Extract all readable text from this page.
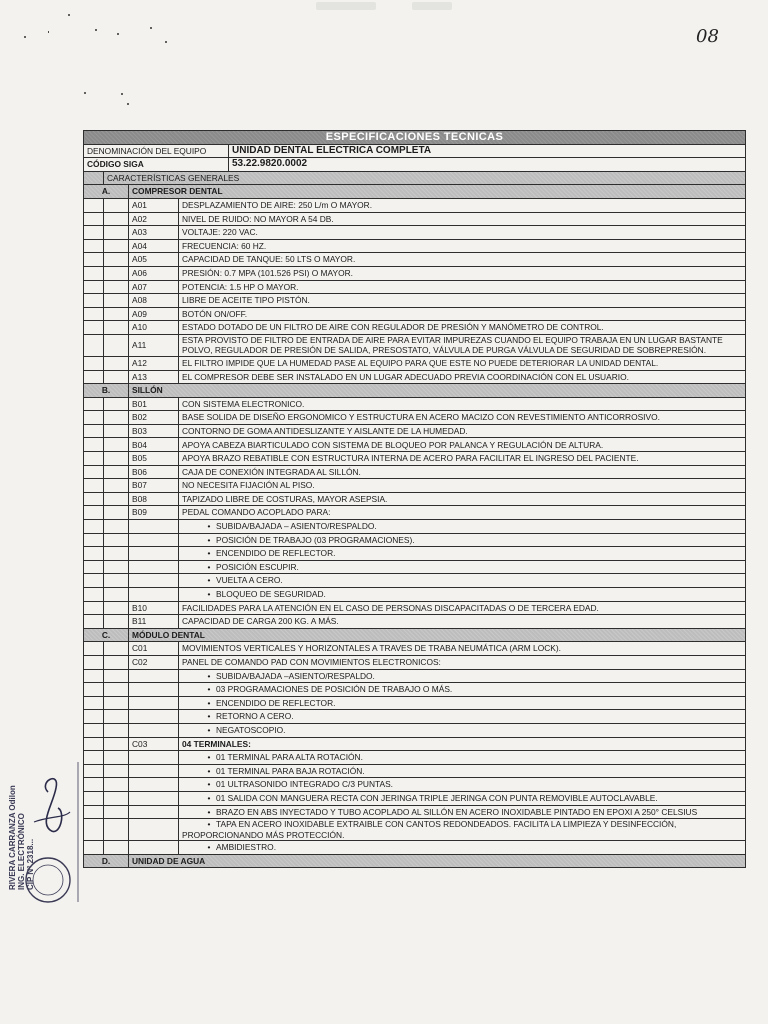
08
ESPECIFICACIONES TECNICAS				
DENOMINACIÓN DEL EQUIPO				UNIDAD DENTAL ELECTRICA COMPLETA
CÓDIGO SIGA				53.22.9820.0002
	CARACTERÍSTICAS GENERALES			
A.		COMPRESOR DENTAL		
		A01	DESPLAZAMIENTO DE AIRE: 250 L/m O MAYOR.	
		A02	NIVEL DE RUIDO: NO MAYOR A 54 DB.	
		A03	VOLTAJE: 220 VAC.	
		A04	FRECUENCIA: 60 HZ.	
		A05	CAPACIDAD DE TANQUE: 50 LTS O MAYOR.	
		A06	PRESIÓN: 0.7 MPA (101.526 PSI) O MAYOR.	
		A07	POTENCIA: 1.5 HP O MAYOR.	
		A08	LIBRE DE ACEITE TIPO PISTÓN.	
		A09	BOTÓN ON/OFF.	
		A10	ESTADO DOTADO DE UN FILTRO DE AIRE CON REGULADOR DE PRESIÓN Y MANÓMETRO DE CONTROL.	
		A11	ESTA PROVISTO DE FILTRO DE ENTRADA DE AIRE PARA EVITAR IMPUREZAS CUANDO EL EQUIPO TRABAJA EN UN LUGAR BASTANTE POLVO, REGULADOR DE PRESIÓN DE SALIDA, PRESOSTATO, VÁLVULA DE PURGA VÁLVULA DE SEGURIDAD DE SOBREPRESIÓN.	
		A12	EL FILTRO IMPIDE QUE LA HUMEDAD PASE AL EQUIPO PARA QUE ESTE NO PUEDE DETERIORAR LA UNIDAD DENTAL.	
		A13	EL COMPRESOR DEBE SER INSTALADO EN UN LUGAR ADECUADO PREVIA COORDINACIÓN CON EL USUARIO.	
B.		SILLÓN		
		B01	CON SISTEMA ELECTRONICO.	
		B02	BASE SOLIDA DE DISEÑO ERGONOMICO Y ESTRUCTURA EN ACERO MACIZO CON REVESTIMIENTO ANTICORROSIVO.	
		B03	CONTORNO DE GOMA ANTIDESLIZANTE Y AISLANTE DE LA HUMEDAD.	
		B04	APOYA CABEZA BIARTICULADO CON SISTEMA DE BLOQUEO POR PALANCA Y REGULACIÓN DE ALTURA.	
		B05	APOYA BRAZO REBATIBLE CON ESTRUCTURA INTERNA DE ACERO PARA FACILITAR EL INGRESO DEL PACIENTE.	
		B06	CAJA DE CONEXIÓN INTEGRADA AL SILLÓN.	
		B07	NO NECESITA FIJACIÓN AL PISO.	
		B08	TAPIZADO LIBRE DE COSTURAS, MAYOR ASEPSIA.	
		B09	PEDAL COMANDO ACOPLADO PARA:	
			• SUBIDA/BAJADA – ASIENTO/RESPALDO.	
			• POSICIÓN DE TRABAJO (03 PROGRAMACIONES).	
			• ENCENDIDO DE REFLECTOR.	
			• POSICIÓN ESCUPIR.	
			• VUELTA A CERO.	
			• BLOQUEO DE SEGURIDAD.	
		B10	FACILIDADES PARA LA ATENCIÓN EN EL CASO DE PERSONAS DISCAPACITADAS O DE TERCERA EDAD.	
		B11	CAPACIDAD DE CARGA 200 KG. A MÁS.	
C.		MÓDULO DENTAL		
		C01	MOVIMIENTOS VERTICALES Y HORIZONTALES A TRAVES DE TRABA NEUMÁTICA (ARM LOCK).	
		C02	PANEL DE COMANDO PAD CON MOVIMIENTOS ELECTRONICOS:	
			• SUBIDA/BAJADA –ASIENTO/RESPALDO.	
			• 03 PROGRAMACIONES DE POSICIÓN DE TRABAJO O MÁS.	
			• ENCENDIDO DE REFLECTOR.	
			• RETORNO A CERO.	
			• NEGATOSCOPIO.	
		C03	04 TERMINALES:	
			• 01 TERMINAL PARA ALTA ROTACIÓN.	
			• 01 TERMINAL PARA BAJA ROTACIÓN.	
			• 01 ULTRASONIDO INTEGRADO C/3 PUNTAS.	
			• 01 SALIDA CON MANGUERA RECTA CON JERINGA TRIPLE JERINGA CON PUNTA REMOVIBLE AUTOCLAVABLE.	
			• BRAZO EN ABS INYECTADO Y TUBO ACOPLADO AL SILLÓN EN ACERO INOXIDABLE PINTADO EN EPOXI A 250° CELSIUS	
			• TAPA EN ACERO INOXIDABLE EXTRAIBLE CON CANTOS REDONDEADOS. FACILITA LA LIMPIEZA Y DESINFECCIÓN, PROPORCIONANDO MÁS PROTECCIÓN.	
			• AMBIDIESTRO.	
D.		UNIDAD DE AGUA		
RIVERA CARRANZA Odilon ING. ELECTRÓNICO CIP N° 2318...
